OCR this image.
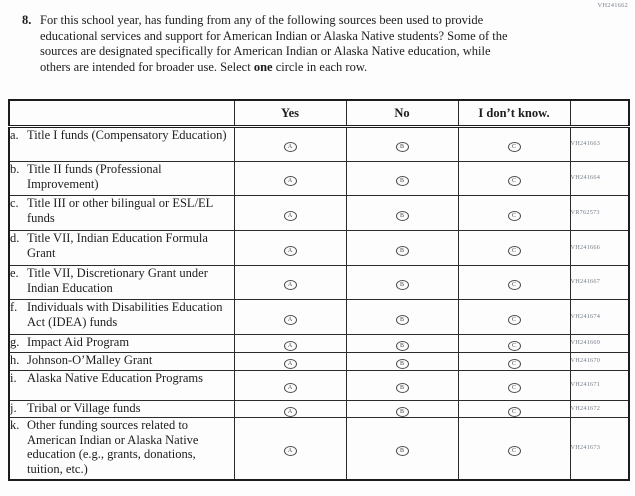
VH241662
8. For this school year, has funding from any of the following sources been used to provide educational services and support for American Indian or Alaska Native students? Some of the sources are designated specifically for American Indian or Alaska Native education, while others are intended for broader use. Select one circle in each row.
	Yes	No	I don’t know.	

a. Title I funds (Compensatory Education)	A	B	C	VH241663

b. Title II funds (Professional Improvement)	A	B	C	VH241664

c. Title III or other bilingual or ESL/EL funds	A	B	C	VR762573

d. Title VII, Indian Education Formula Grant	A	B	C	VH241666

e. Title VII, Discretionary Grant under Indian Education	A	B	C	VH241667

f. Individuals with Disabilities Education Act (IDEA) funds	A	B	C	VH241674

g. Impact Aid Program	A	B	C	VH241669

h. Johnson-O’Malley Grant	A	B	C	VH241670

i. Alaska Native Education Programs	A	B	C	VH241671

j. Tribal or Village funds	A	B	C	VH241672

k. Other funding sources related to American Indian or Alaska Native education (e.g., grants, donations, tuition, etc.)	A	B	C	VH241673
